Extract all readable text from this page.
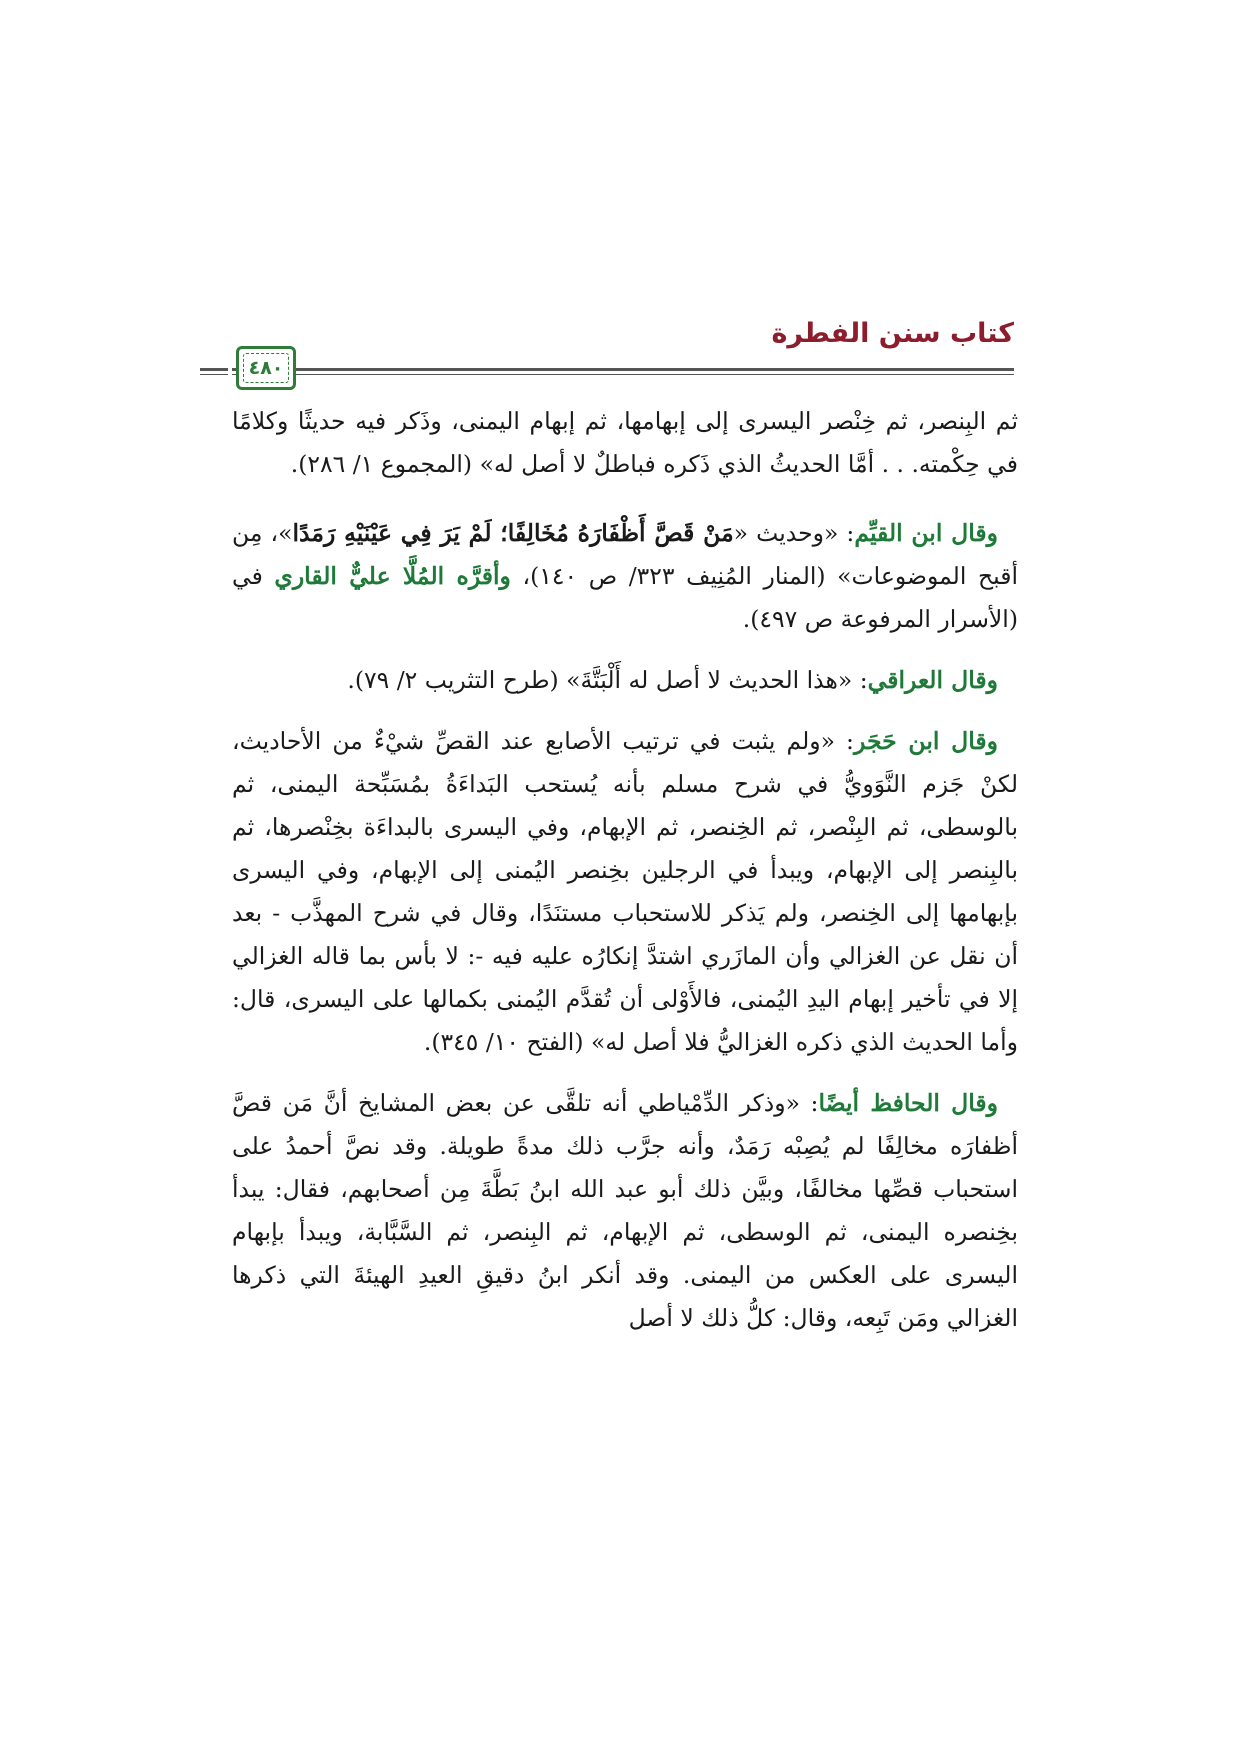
كتاب سنن الفطرة
٤٨٠

ثم البِنصر، ثم خِنْصر اليسرى إلى إبهامها، ثم إبهام اليمنى، وذَكر فيه حديثًا وكلامًا في حِكْمته. . . أمَّا الحديثُ الذي ذَكره فباطلٌ لا أصل له» (المجموع ١/ ٢٨٦).

وقال ابن القيِّم: «وحديث «مَنْ قَصَّ أَظْفَارَهُ مُخَالِفًا؛ لَمْ يَرَ فِي عَيْنَيْهِ رَمَدًا»، مِن أقبح الموضوعات» (المنار المُنِيف ٣٢٣/ ص ١٤٠)، وأقرَّه المُلَّا عليٌّ القاري في (الأسرار المرفوعة ص ٤٩٧).

وقال العراقي: «هذا الحديث لا أصل له أَلْبَتَّةَ» (طرح التثريب ٢/ ٧٩).

وقال ابن حَجَر: «ولم يثبت في ترتيب الأصابع عند القصِّ شيْءٌ من الأحاديث، لكنْ جَزم النَّوَويُّ في شرح مسلم بأنه يُستحب البَداءَةُ بمُسَبِّحة اليمنى، ثم بالوسطى، ثم البِنْصر، ثم الخِنصر، ثم الإبهام، وفي اليسرى بالبداءَة بخِنْصرها، ثم بالبِنصر إلى الإبهام، ويبدأ في الرجلين بخِنصر اليُمنى إلى الإبهام، وفي اليسرى بإبهامها إلى الخِنصر، ولم يَذكر للاستحباب مستنَدًا، وقال في شرح المهذَّب - بعد أن نقل عن الغزالي وأن المازَري اشتدَّ إنكارُه عليه فيه -: لا بأس بما قاله الغزالي إلا في تأخير إبهام اليدِ اليُمنى، فالأَوْلى أن تُقدَّم اليُمنى بكمالها على اليسرى، قال: وأما الحديث الذي ذكره الغزاليُّ فلا أصل له» (الفتح ١٠/ ٣٤٥).

وقال الحافظ أيضًا: «وذكر الدِّمْياطي أنه تلقَّى عن بعض المشايخ أنَّ مَن قصَّ أظفارَه مخالِفًا لم يُصِبْه رَمَدٌ، وأنه جرَّب ذلك مدةً طويلة. وقد نصَّ أحمدُ على استحباب قصِّها مخالفًا، وبيَّن ذلك أبو عبد الله ابنُ بَطَّةَ مِن أصحابهم، فقال: يبدأ بخِنصره اليمنى، ثم الوسطى، ثم الإبهام، ثم البِنصر، ثم السَّبَّابة، ويبدأ بإبهام اليسرى على العكس من اليمنى. وقد أنكر ابنُ دقيقِ العيدِ الهيئةَ التي ذكرها الغزالي ومَن تَبِعه، وقال: كلُّ ذلك لا أصل
